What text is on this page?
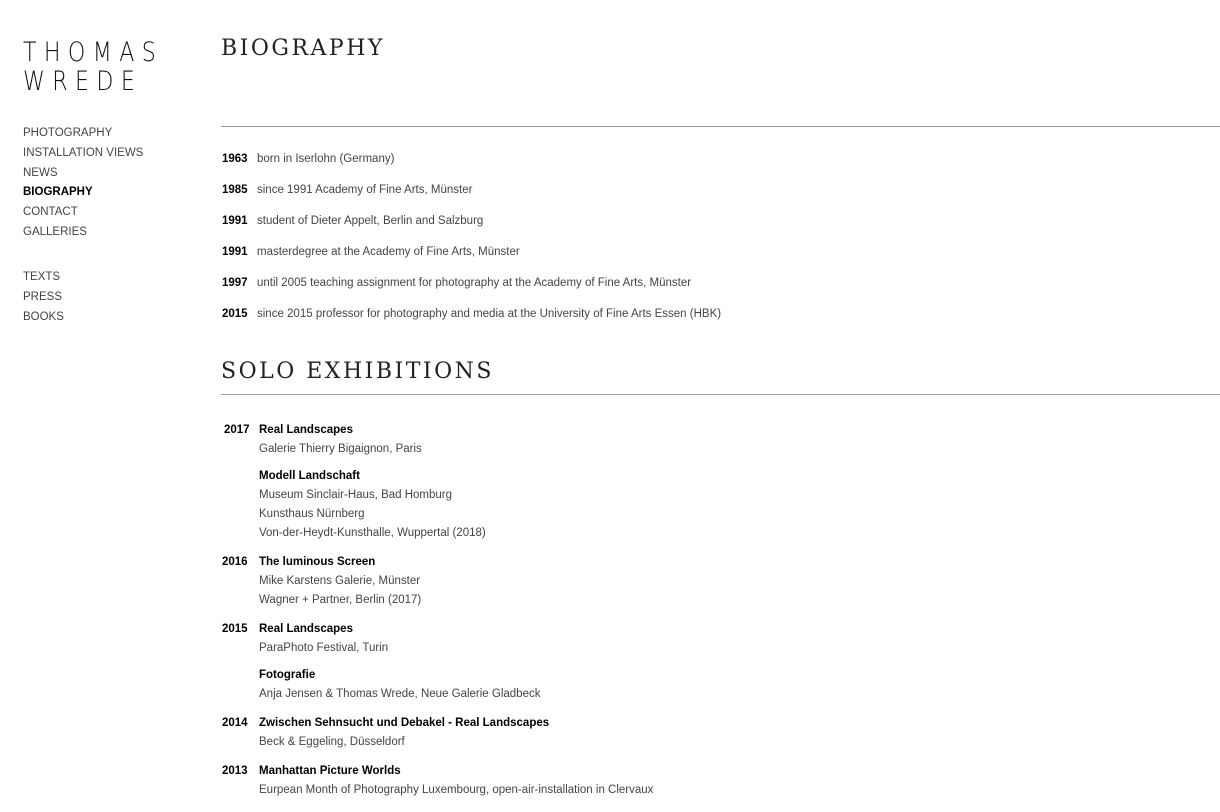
THOMAS
WREDE
PHOTOGRAPHY
INSTALLATION VIEWS
NEWS
BIOGRAPHY
CONTACT
GALLERIES
TEXTS
PRESS
BOOKS
BIOGRAPHY
1963 born in Iserlohn (Germany)
1985 since 1991 Academy of Fine Arts, Münster
1991 student of Dieter Appelt, Berlin and Salzburg
1991 masterdegree at the Academy of Fine Arts, Münster
1997 until 2005 teaching assignment for photography at the Academy of Fine Arts, Münster
2015 since 2015 professor for photography and media at the University of Fine Arts Essen (HBK)
SOLO EXHIBITIONS
2017 Real Landscapes
Galerie Thierry Bigaignon, Paris
Modell Landschaft
Museum Sinclair-Haus, Bad Homburg
Kunsthaus Nürnberg
Von-der-Heydt-Kunsthalle, Wuppertal (2018)
2016 The luminous Screen
Mike Karstens Galerie, Münster
Wagner + Partner, Berlin (2017)
2015 Real Landscapes
ParaPhoto Festival, Turin
Fotografie
Anja Jensen & Thomas Wrede, Neue Galerie Gladbeck
2014 Zwischen Sehnsucht und Debakel - Real Landscapes
Beck & Eggeling, Düsseldorf
2013 Manhattan Picture Worlds
Eurpean Month of Photography Luxembourg, open-air-installation in Clervaux
